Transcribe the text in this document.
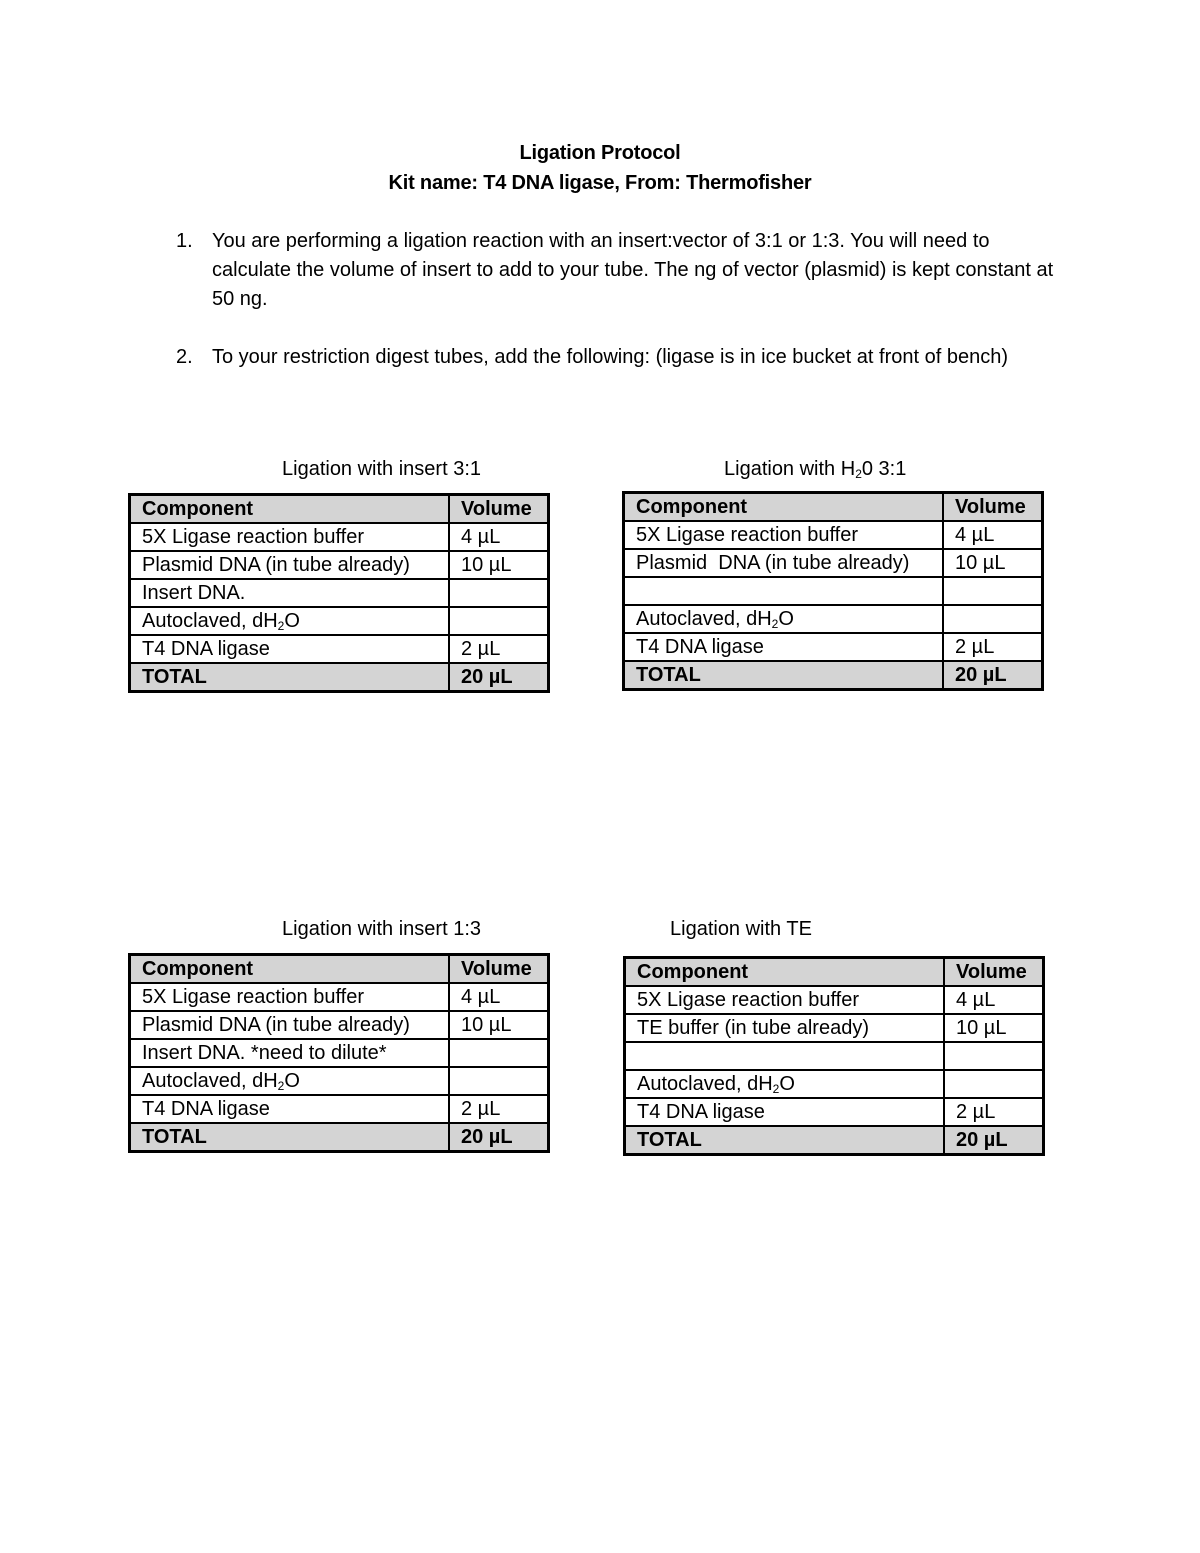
Ligation Protocol
Kit name: T4 DNA ligase, From: Thermofisher
1. You are performing a ligation reaction with an insert:vector of 3:1 or 1:3. You will need to calculate the volume of insert to add to your tube. The ng of vector (plasmid) is kept constant at 50 ng.
2. To your restriction digest tubes, add the following: (ligase is in ice bucket at front of bench)
Ligation with insert 3:1
Component	Volume
5X Ligase reaction buffer	4 µL
Plasmid DNA (in tube already)	10 µL
Insert DNA.	
Autoclaved, $dH_2O$	
T4 DNA ligase	2 µL
TOTAL	20 µL
Ligation with $H_20$ 3:1
Component	Volume
5X Ligase reaction buffer	4 µL
Plasmid  DNA (in tube already)	10 µL

Autoclaved, $dH_2O$	
T4 DNA ligase	2 µL
TOTAL	20 µL
Ligation with insert 1:3
Component	Volume
5X Ligase reaction buffer	4 µL
Plasmid DNA (in tube already)	10 µL
Insert DNA. *need to dilute*	
Autoclaved, $dH_2O$	
T4 DNA ligase	2 µL
TOTAL	20 µL
Ligation with TE
Component	Volume
5X Ligase reaction buffer	4 µL
TE buffer (in tube already)	10 µL

Autoclaved, $dH_2O$	
T4 DNA ligase	2 µL
TOTAL	20 µL
